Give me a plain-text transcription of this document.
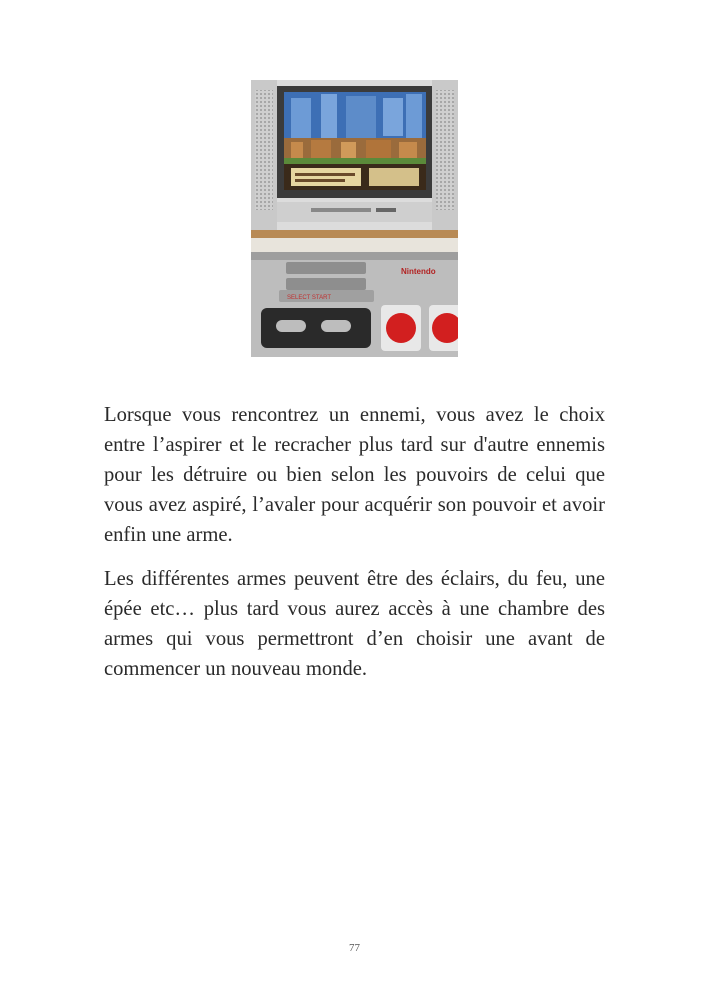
Nintendo
SELECT START

Lorsque vous rencontrez un ennemi, vous avez le choix entre l’aspirer et le recracher plus tard sur d'autre ennemis pour les détruire ou bien selon les pouvoirs de celui que vous avez aspiré, l’avaler pour acquérir son pouvoir et avoir enfin une arme.

Les différentes armes peuvent être des éclairs, du feu, une épée etc… plus tard vous aurez accès à une chambre des armes qui vous permettront d’en choisir une avant de commencer un nouveau monde.

77
